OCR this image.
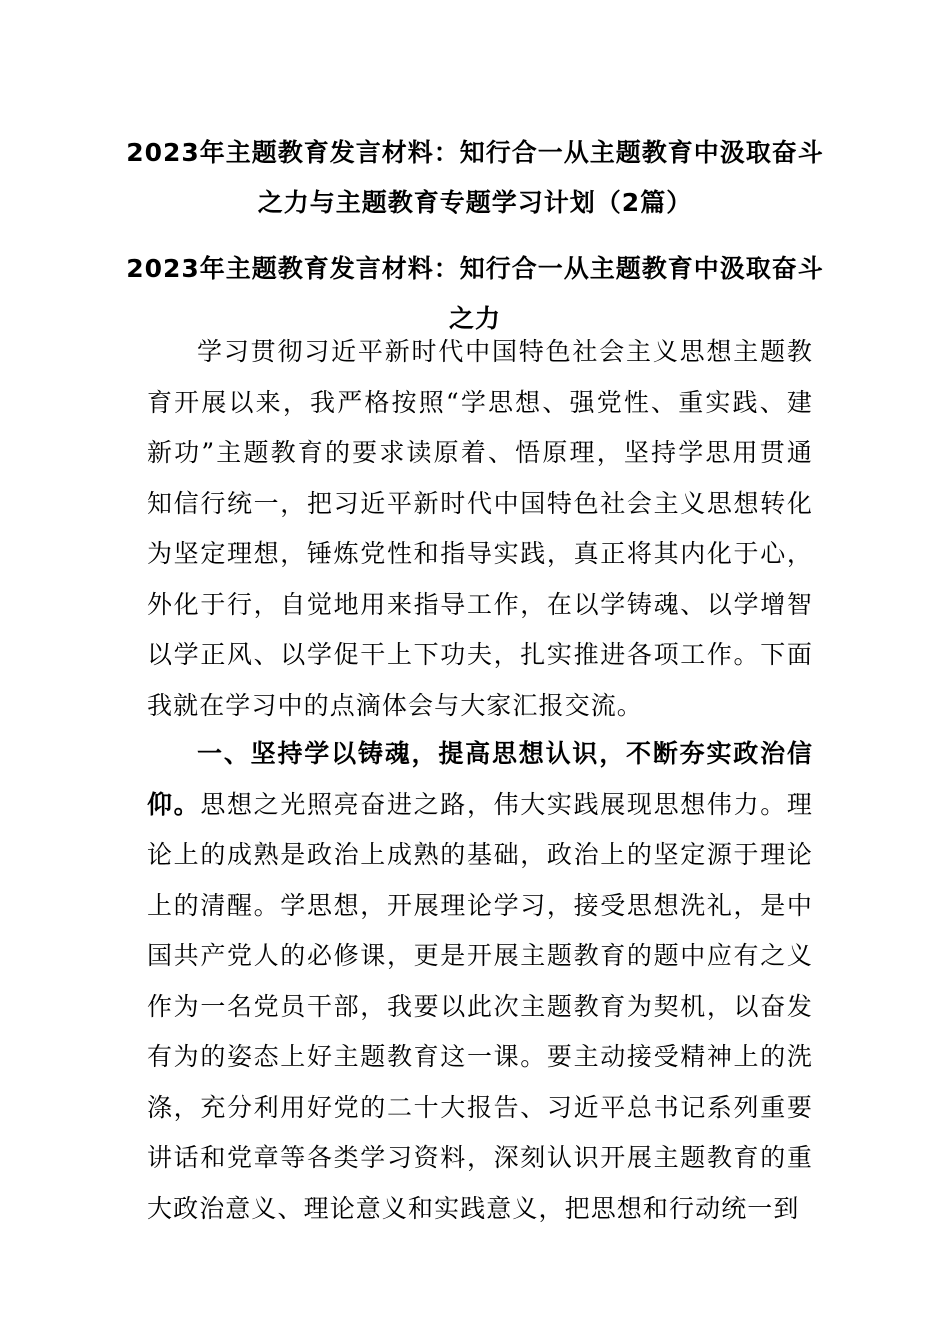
2023年主题教育发言材料：知行合一从主题教育中汲取奋斗之力与主题教育专题学习计划（2篇）
2023年主题教育发言材料：知行合一从主题教育中汲取奋斗之力

学习贯彻习近平新时代中国特色社会主义思想主题教育开展以来，我严格按照“学思想、强党性、重实践、建新功”主题教育的要求读原着、悟原理，坚持学思用贯通知信行统一，把习近平新时代中国特色社会主义思想转化为坚定理想，锤炼党性和指导实践，真正将其内化于心，外化于行，自觉地用来指导工作，在以学铸魂、以学增智以学正风、以学促干上下功夫，扎实推进各项工作。下面我就在学习中的点滴体会与大家汇报交流。

一、坚持学以铸魂，提高思想认识，不断夯实政治信仰。思想之光照亮奋进之路，伟大实践展现思想伟力。理论上的成熟是政治上成熟的基础，政治上的坚定源于理论上的清醒。学思想，开展理论学习，接受思想洗礼，是中国共产党人的必修课，更是开展主题教育的题中应有之义作为一名党员干部，我要以此次主题教育为契机，以奋发有为的姿态上好主题教育这一课。要主动接受精神上的洗涤，充分利用好党的二十大报告、习近平总书记系列重要讲话和党章等各类学习资料，深刻认识开展主题教育的重大政治意义、理论意义和实践意义，把思想和行动统一到
